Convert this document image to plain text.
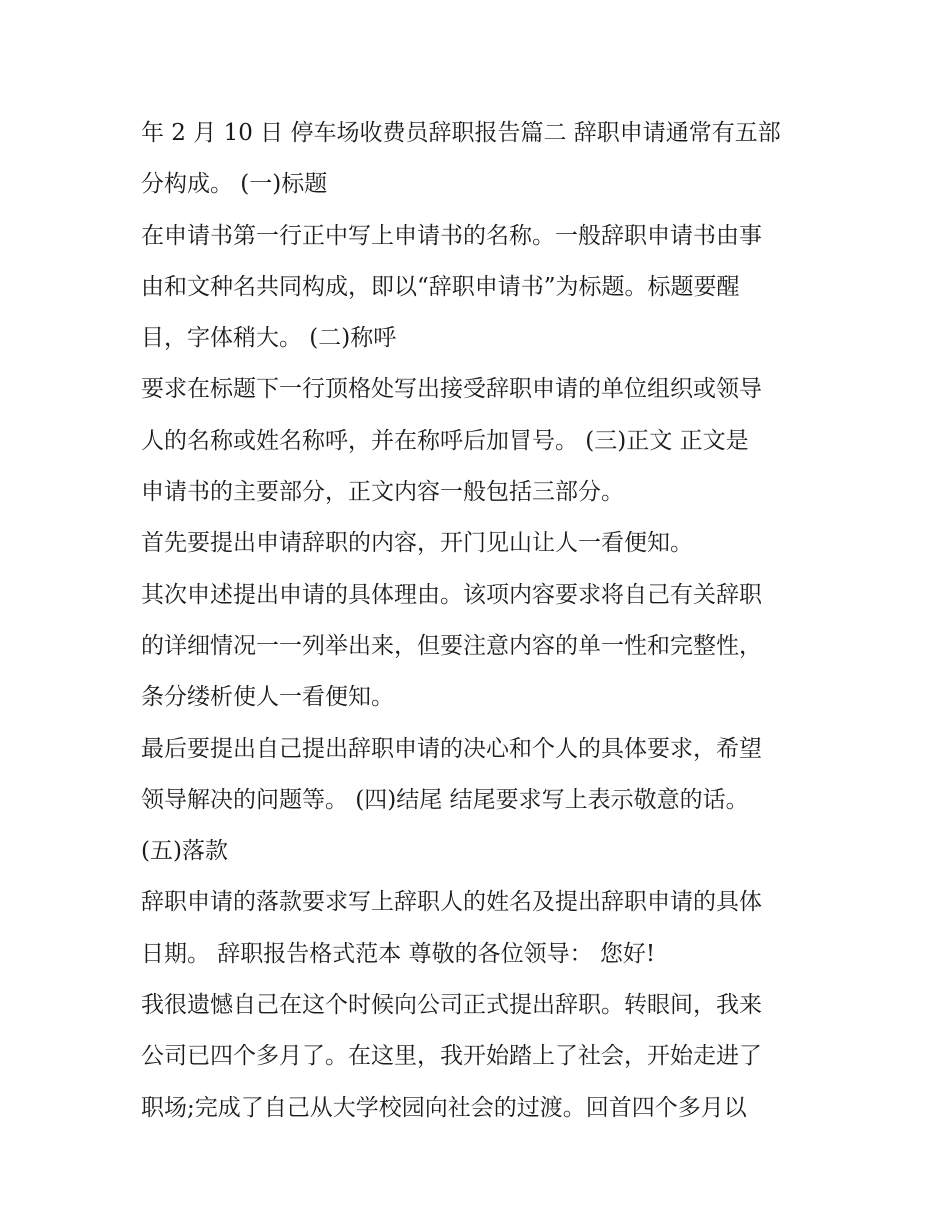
年 2 月 10 日 停车场收费员辞职报告篇二 辞职申请通常有五部
分构成。 (一)标题
在申请书第一行正中写上申请书的名称。一般辞职申请书由事
由和文种名共同构成，即以“辞职申请书”为标题。标题要醒
目，字体稍大。 (二)称呼
要求在标题下一行顶格处写出接受辞职申请的单位组织或领导
人的名称或姓名称呼，并在称呼后加冒号。 (三)正文 正文是
申请书的主要部分，正文内容一般包括三部分。
首先要提出申请辞职的内容，开门见山让人一看便知。
其次申述提出申请的具体理由。该项内容要求将自己有关辞职
的详细情况一一列举出来，但要注意内容的单一性和完整性，
条分缕析使人一看便知。
最后要提出自己提出辞职申请的决心和个人的具体要求，希望
领导解决的问题等。 (四)结尾 结尾要求写上表示敬意的话。
(五)落款
辞职申请的落款要求写上辞职人的姓名及提出辞职申请的具体
日期。 辞职报告格式范本 尊敬的各位领导： 您好!
我很遗憾自己在这个时候向公司正式提出辞职。转眼间，我来
公司已四个多月了。在这里，我开始踏上了社会，开始走进了
职场;完成了自己从大学校园向社会的过渡。回首四个多月以
